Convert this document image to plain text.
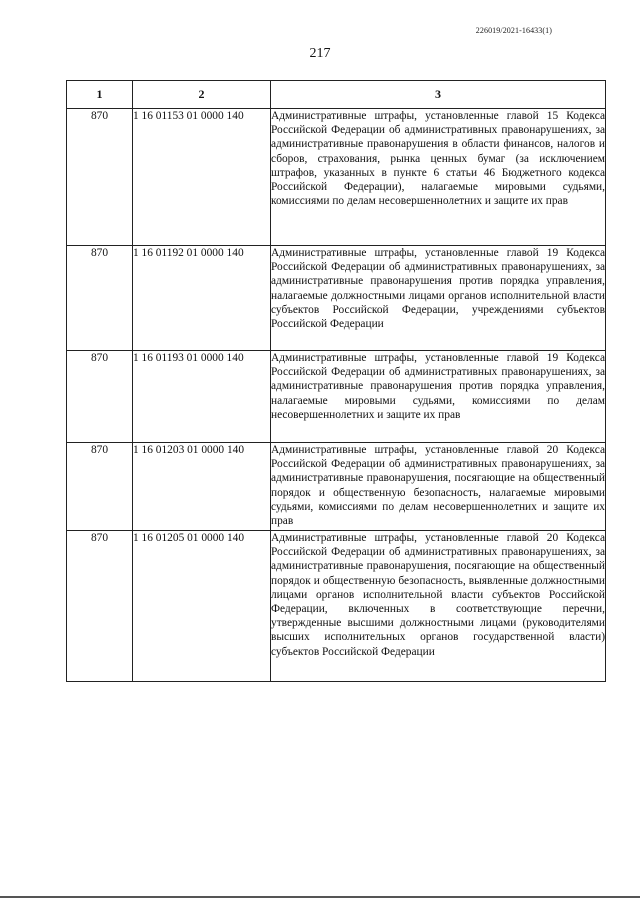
226019/2021-16433(1)
217
1	2	3
870	1 16 01153 01 0000 140	Административные штрафы, установленные главой 15 Кодекса Российской Федерации об административных правонарушениях, за административные правонарушения в области финансов, налогов и сборов, страхования, рынка ценных бумаг (за исключением штрафов, указанных в пункте 6 статьи 46 Бюджетного кодекса Российской Федерации), налагаемые мировыми судьями, комиссиями по делам несовершеннолетних и защите их прав
870	1 16 01192 01 0000 140	Административные штрафы, установленные главой 19 Кодекса Российской Федерации об административных правонарушениях, за административные правонарушения против порядка управления, налагаемые должностными лицами органов исполнительной власти субъектов Российской Федерации, учреждениями субъектов Российской Федерации
870	1 16 01193 01 0000 140	Административные штрафы, установленные главой 19 Кодекса Российской Федерации об административных правонарушениях, за административные правонарушения против порядка управления, налагаемые мировыми судьями, комиссиями по делам несовершеннолетних и защите их прав
870	1 16 01203 01 0000 140	Административные штрафы, установленные главой 20 Кодекса Российской Федерации об административных правонарушениях, за административные правонарушения, посягающие на общественный порядок и общественную безопасность, налагаемые мировыми судьями, комиссиями по делам несовершеннолетних и защите их прав
870	1 16 01205 01 0000 140	Административные штрафы, установленные главой 20 Кодекса Российской Федерации об административных правонарушениях, за административные правонарушения, посягающие на общественный порядок и общественную безопасность, выявленные должностными лицами органов исполнительной власти субъектов Российской Федерации, включенных в соответствующие перечни, утвержденные высшими должностными лицами (руководителями высших исполнительных органов государственной власти) субъектов Российской Федерации
